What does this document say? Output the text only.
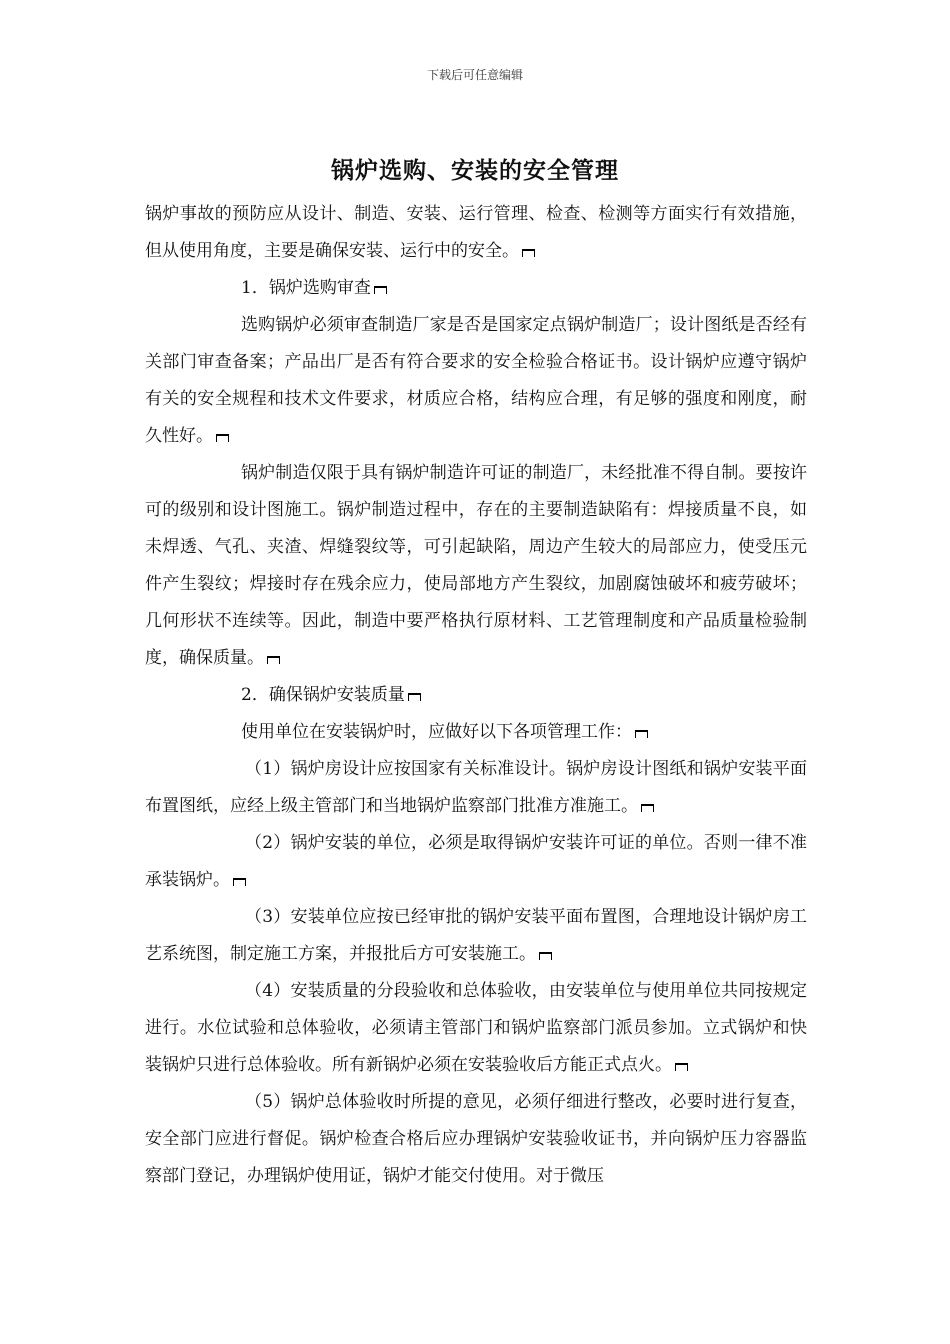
下载后可任意编辑
锅炉选购、安装的安全管理

锅炉事故的预防应从设计、制造、安装、运行管理、检查、检测等方面实行有效措施，但从使用角度，主要是确保安装、运行中的安全。

1．锅炉选购审查

选购锅炉必须审查制造厂家是否是国家定点锅炉制造厂；设计图纸是否经有关部门审查备案；产品出厂是否有符合要求的安全检验合格证书。设计锅炉应遵守锅炉有关的安全规程和技术文件要求，材质应合格，结构应合理，有足够的强度和刚度，耐久性好。

锅炉制造仅限于具有锅炉制造许可证的制造厂，未经批准不得自制。要按许可的级别和设计图施工。锅炉制造过程中，存在的主要制造缺陷有：焊接质量不良，如未焊透、气孔、夹渣、焊缝裂纹等，可引起缺陷，周边产生较大的局部应力，使受压元件产生裂纹；焊接时存在残余应力，使局部地方产生裂纹，加剧腐蚀破坏和疲劳破坏；几何形状不连续等。因此，制造中要严格执行原材料、工艺管理制度和产品质量检验制度，确保质量。

2．确保锅炉安装质量

使用单位在安装锅炉时，应做好以下各项管理工作：

（1）锅炉房设计应按国家有关标准设计。锅炉房设计图纸和锅炉安装平面布置图纸，应经上级主管部门和当地锅炉监察部门批准方准施工。

（2）锅炉安装的单位，必须是取得锅炉安装许可证的单位。否则一律不准承装锅炉。

（3）安装单位应按已经审批的锅炉安装平面布置图，合理地设计锅炉房工艺系统图，制定施工方案，并报批后方可安装施工。

（4）安装质量的分段验收和总体验收，由安装单位与使用单位共同按规定进行。水位试验和总体验收，必须请主管部门和锅炉监察部门派员参加。立式锅炉和快装锅炉只进行总体验收。所有新锅炉必须在安装验收后方能正式点火。

（5）锅炉总体验收时所提的意见，必须仔细进行整改，必要时进行复查，安全部门应进行督促。锅炉检查合格后应办理锅炉安装验收证书，并向锅炉压力容器监察部门登记，办理锅炉使用证，锅炉才能交付使用。对于微压
